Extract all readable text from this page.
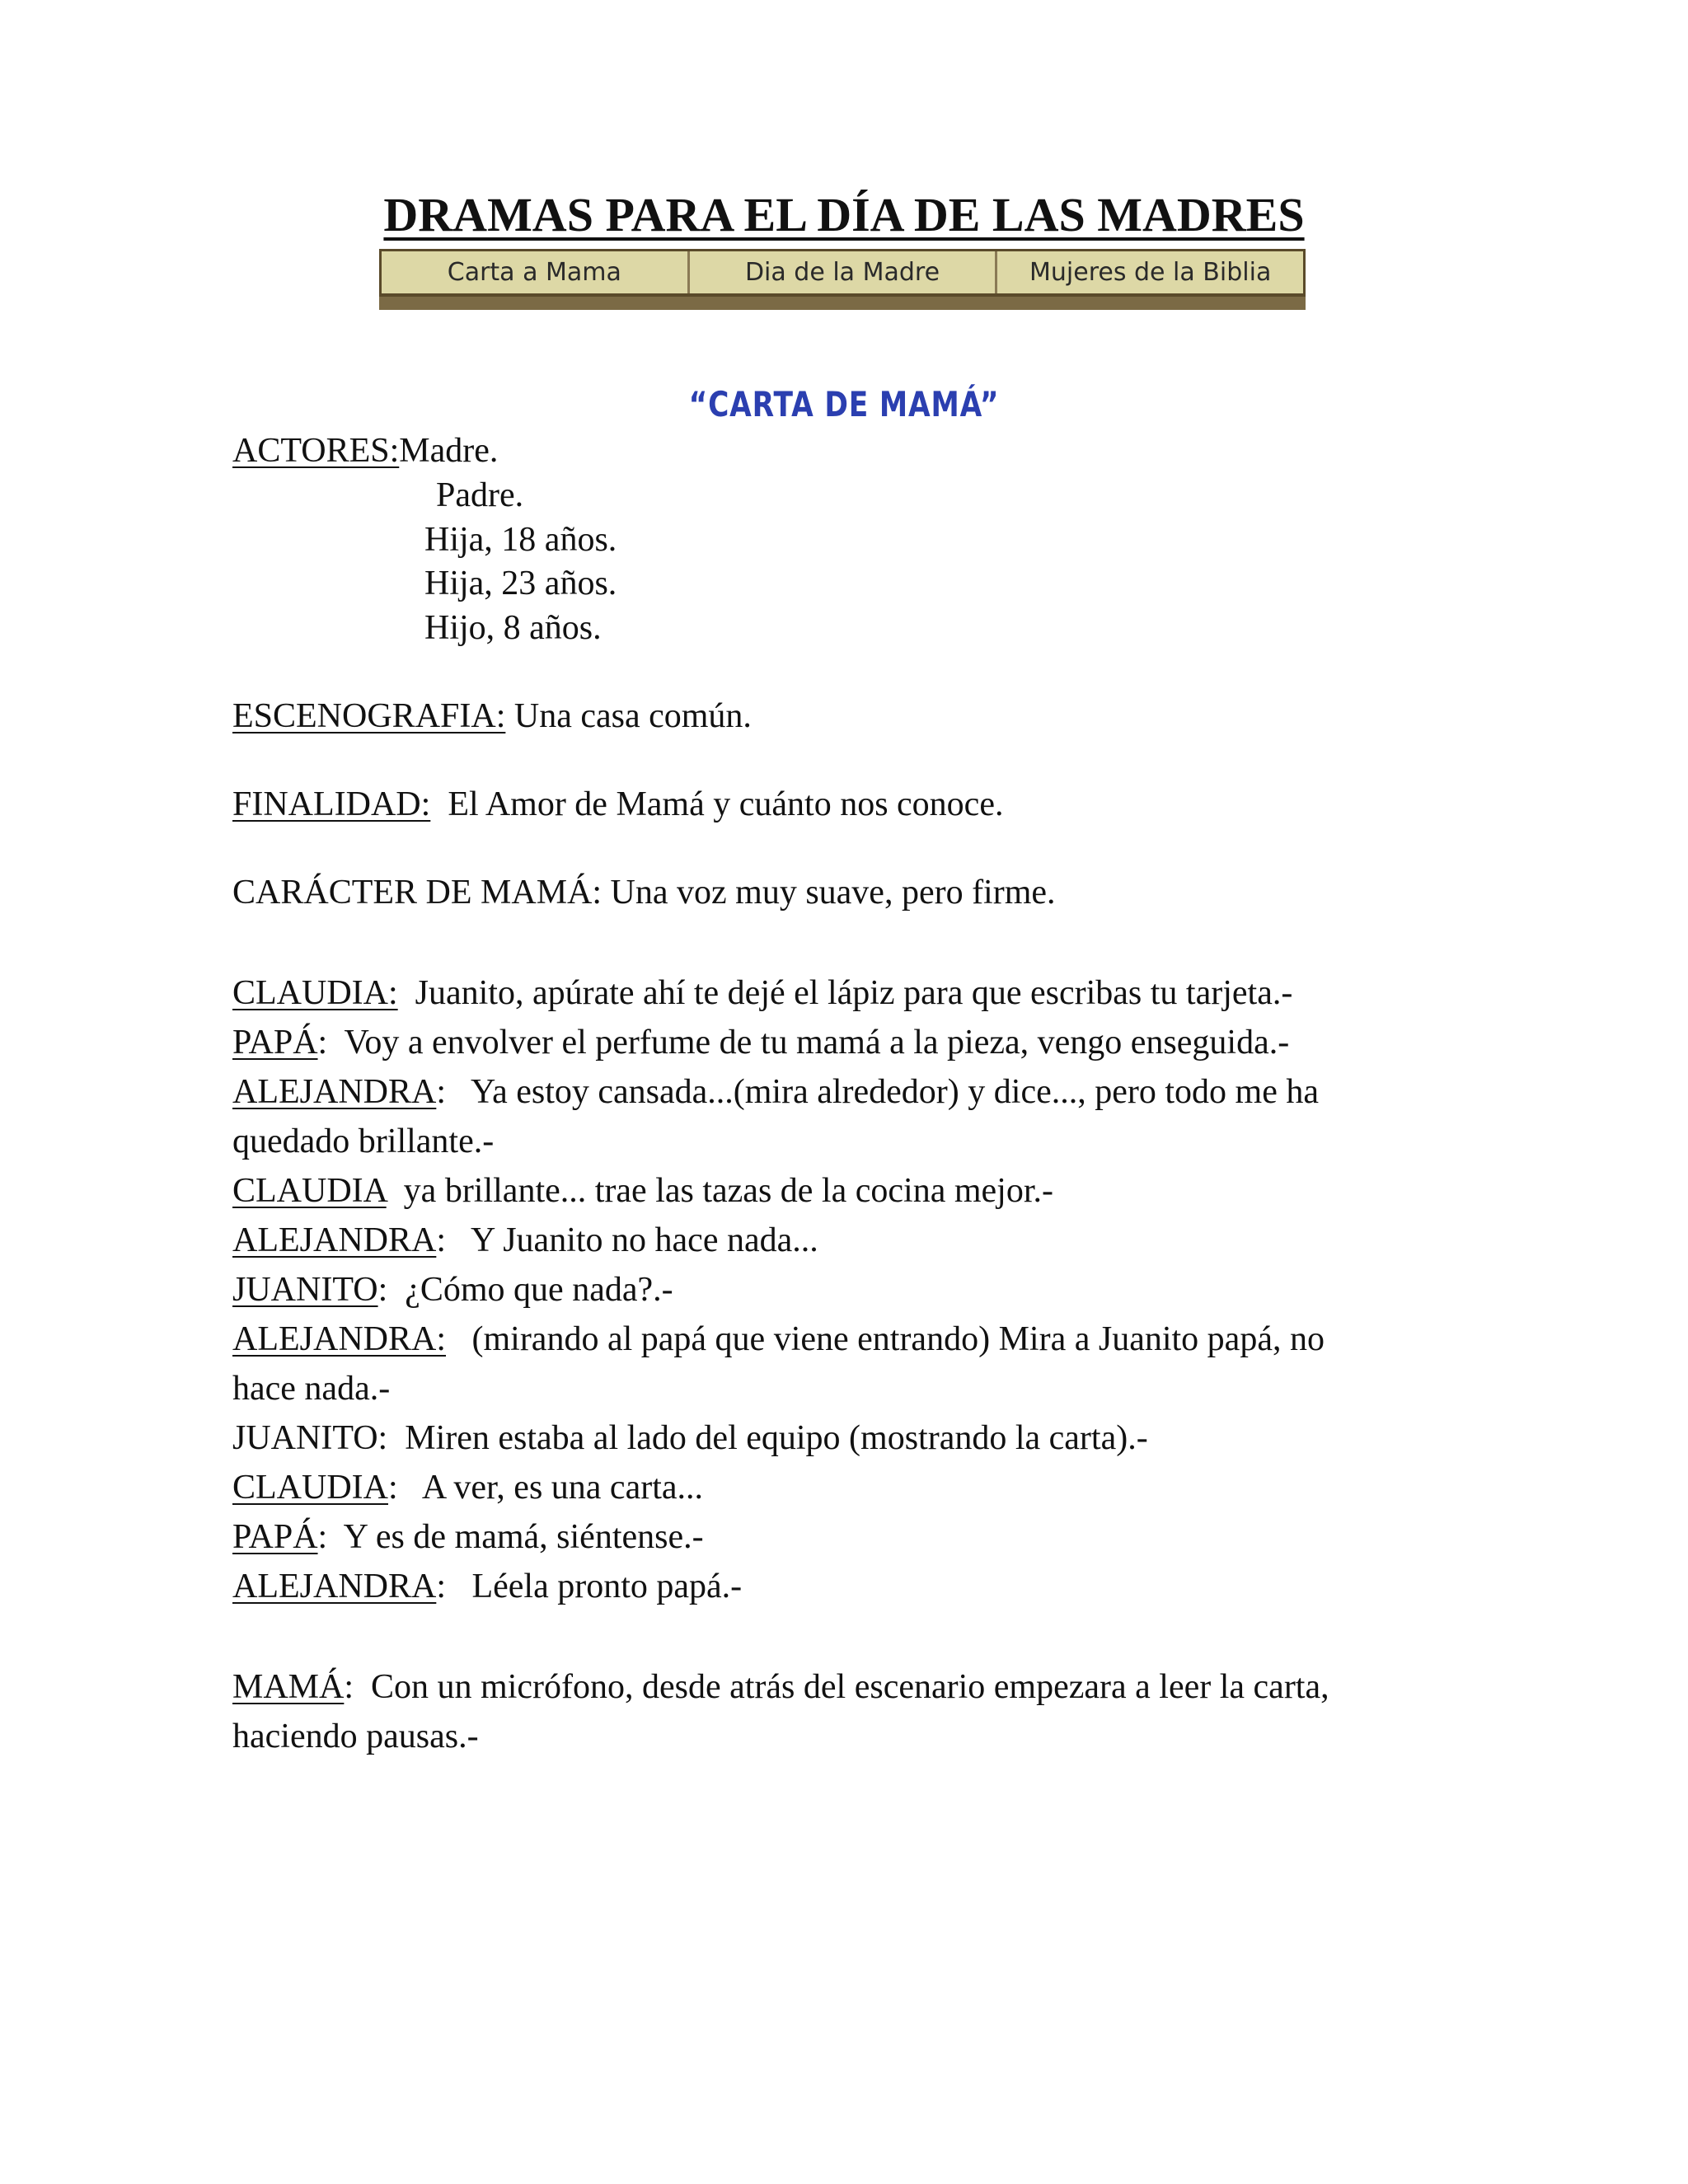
DRAMAS PARA EL DÍA DE LAS MADRES
Carta a Mama	Dia de la Madre	Mujeres de la Biblia
“CARTA DE MAMÁ”
ACTORES:Madre.
Padre.
Hija, 18 años.
Hija, 23 años.
Hijo, 8 años.
ESCENOGRAFIA: Una casa común.
FINALIDAD:  El Amor de Mamá y cuánto nos conoce.
CARÁCTER DE MAMÁ: Una voz muy suave, pero firme.
CLAUDIA:  Juanito, apúrate ahí te dejé el lápiz para que escribas tu tarjeta.-
PAPÁ:  Voy a envolver el perfume de tu mamá a la pieza, vengo enseguida.-
ALEJANDRA:   Ya estoy cansada...(mira alrededor) y dice..., pero todo me ha
quedado brillante.-
CLAUDIA  ya brillante... trae las tazas de la cocina mejor.-
ALEJANDRA:   Y Juanito no hace nada...
JUANITO:  ¿Cómo que nada?.-
ALEJANDRA:   (mirando al papá que viene entrando) Mira a Juanito papá, no
hace nada.-
JUANITO:  Miren estaba al lado del equipo (mostrando la carta).-
CLAUDIA:   A ver, es una carta...
PAPÁ:  Y es de mamá, siéntense.-
ALEJANDRA:   Léela pronto papá.-
MAMÁ:  Con un micrófono, desde atrás del escenario empezara a leer la carta,
haciendo pausas.-
